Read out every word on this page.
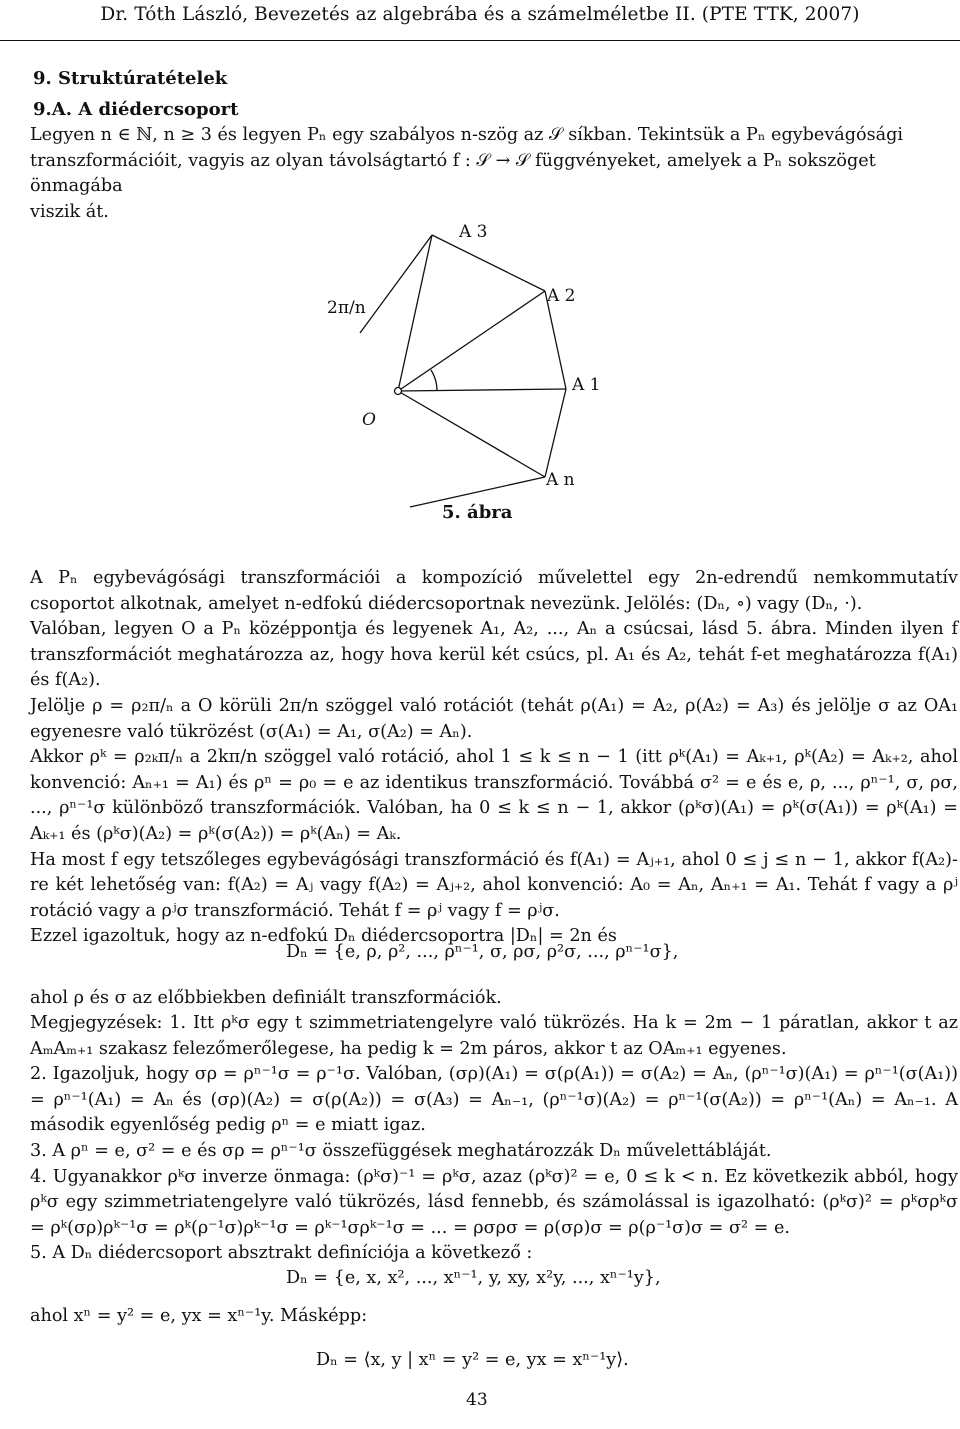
Dr. Tóth László, Bevezetés az algebrába és a számelméletbe II. (PTE TTK, 2007)
9. Struktúratételek
9.A. A diédercsoport
Legyen n ∈ ℕ, n ≥ 3 és legyen Pₙ egy szabályos n-szög az 𝒮 síkban. Tekintsük a Pₙ egybevágósági
transzformációit, vagyis az olyan távolságtartó f : 𝒮 → 𝒮 függvényeket, amelyek a Pₙ sokszöget önmagába
viszik át.
A 3
A 2
2π/n
A 1
O
A n
5. ábra

A Pₙ egybevágósági transzformációi a kompozíció művelettel egy 2n-edrendű nemkommutatív csoportot alkotnak, amelyet n-edfokú diédercsoportnak nevezünk. Jelölés: (Dₙ, ∘) vagy (Dₙ, ·).

Valóban, legyen O a Pₙ középpontja és legyenek A₁, A₂, ..., Aₙ a csúcsai, lásd 5. ábra. Minden ilyen f transzformációt meghatározza az, hogy hova kerül két csúcs, pl. A₁ és A₂, tehát f-et meghatározza f(A₁) és f(A₂).

Jelölje ρ = ρ₂π/ₙ a O körüli 2π/n szöggel való rotációt (tehát ρ(A₁) = A₂, ρ(A₂) = A₃) és jelölje σ az OA₁ egyenesre való tükrözést (σ(A₁) = A₁, σ(A₂) = Aₙ).

Akkor ρᵏ = ρ₂ₖπ/ₙ a 2kπ/n szöggel való rotáció, ahol 1 ≤ k ≤ n − 1 (itt ρᵏ(A₁) = Aₖ₊₁, ρᵏ(A₂) = Aₖ₊₂, ahol konvenció: Aₙ₊₁ = A₁) és ρⁿ = ρ₀ = e az identikus transzformáció. Továbbá σ² = e és e, ρ, ..., ρⁿ⁻¹, σ, ρσ, ..., ρⁿ⁻¹σ különböző transzformációk. Valóban, ha 0 ≤ k ≤ n − 1, akkor (ρᵏσ)(A₁) = ρᵏ(σ(A₁)) = ρᵏ(A₁) = Aₖ₊₁ és (ρᵏσ)(A₂) = ρᵏ(σ(A₂)) = ρᵏ(Aₙ) = Aₖ.

Ha most f egy tetszőleges egybevágósági transzformáció és f(A₁) = Aⱼ₊₁, ahol 0 ≤ j ≤ n − 1, akkor f(A₂)-re két lehetőség van: f(A₂) = Aⱼ vagy f(A₂) = Aⱼ₊₂, ahol konvenció: A₀ = Aₙ, Aₙ₊₁ = A₁. Tehát f vagy a ρʲ rotáció vagy a ρʲσ transzformáció. Tehát f = ρʲ vagy f = ρʲσ.

Ezzel igazoltuk, hogy az n-edfokú Dₙ diédercsoportra |Dₙ| = 2n és

Dₙ = {e, ρ, ρ², ..., ρⁿ⁻¹, σ, ρσ, ρ²σ, ..., ρⁿ⁻¹σ},
ahol ρ és σ az előbbiekben definiált transzformációk.

Megjegyzések: 1. Itt ρᵏσ egy t szimmetriatengelyre való tükrözés. Ha k = 2m − 1 páratlan, akkor t az AₘAₘ₊₁ szakasz felezőmerőlegese, ha pedig k = 2m páros, akkor t az OAₘ₊₁ egyenes.

2. Igazoljuk, hogy σρ = ρⁿ⁻¹σ = ρ⁻¹σ. Valóban, (σρ)(A₁) = σ(ρ(A₁)) = σ(A₂) = Aₙ, (ρⁿ⁻¹σ)(A₁) = ρⁿ⁻¹(σ(A₁)) = ρⁿ⁻¹(A₁) = Aₙ és (σρ)(A₂) = σ(ρ(A₂)) = σ(A₃) = Aₙ₋₁, (ρⁿ⁻¹σ)(A₂) = ρⁿ⁻¹(σ(A₂)) = ρⁿ⁻¹(Aₙ) = Aₙ₋₁. A második egyenlőség pedig ρⁿ = e miatt igaz.

3. A ρⁿ = e, σ² = e és σρ = ρⁿ⁻¹σ összefüggések meghatározzák Dₙ művelettábláját.

4. Ugyanakkor ρᵏσ inverze önmaga: (ρᵏσ)⁻¹ = ρᵏσ, azaz (ρᵏσ)² = e, 0 ≤ k < n. Ez következik abból, hogy ρᵏσ egy szimmetriatengelyre való tükrözés, lásd fennebb, és számolással is igazolható: (ρᵏσ)² = ρᵏσρᵏσ = ρᵏ(σρ)ρᵏ⁻¹σ = ρᵏ(ρ⁻¹σ)ρᵏ⁻¹σ = ρᵏ⁻¹σρᵏ⁻¹σ = ... = ρσρσ = ρ(σρ)σ = ρ(ρ⁻¹σ)σ = σ² = e.

5. A Dₙ diédercsoport absztrakt definíciója a következő :

Dₙ = {e, x, x², ..., xⁿ⁻¹, y, xy, x²y, ..., xⁿ⁻¹y},
ahol xⁿ = y² = e, yx = xⁿ⁻¹y. Másképp:
Dₙ = ⟨x, y | xⁿ = y² = e, yx = xⁿ⁻¹y⟩.
43
